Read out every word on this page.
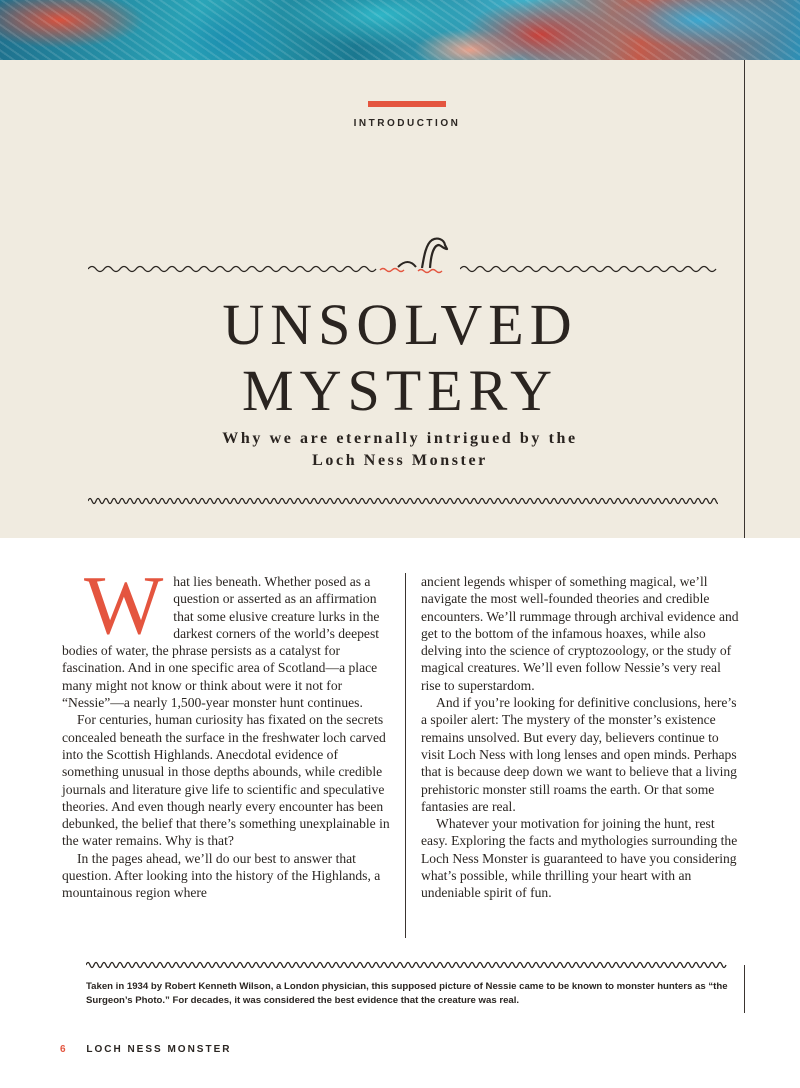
INTRODUCTION
UNSOLVED
MYSTERY
Why we are eternally intrigued by the
Loch Ness Monster
W hat lies beneath. Whether posed as a question or asserted as an affirmation that some elusive creature lurks in the darkest corners of the world’s deepest bodies of water, the phrase persists as a catalyst for fascination. And in one specific area of Scotland—a place many might not know or think about were it not for “Nessie”—a nearly 1,500-year monster hunt continues.

For centuries, human curiosity has fixated on the secrets concealed beneath the surface in the freshwater loch carved into the Scottish Highlands. Anecdotal evidence of something unusual in those depths abounds, while credible journals and literature give life to scientific and speculative theories. And even though nearly every encounter has been debunked, the belief that there’s something unexplainable in the water remains. Why is that?

In the pages ahead, we’ll do our best to answer that question. After looking into the history of the Highlands, a mountainous region where

ancient legends whisper of something magical, we’ll navigate the most well-founded theories and credible encounters. We’ll rummage through archival evidence and get to the bottom of the infamous hoaxes, while also delving into the science of cryptozoology, or the study of magical creatures. We’ll even follow Nessie’s very real rise to superstardom.

And if you’re looking for definitive conclusions, here’s a spoiler alert: The mystery of the monster’s existence remains unsolved. But every day, believers continue to visit Loch Ness with long lenses and open minds. Perhaps that is because deep down we want to believe that a living prehistoric monster still roams the earth. Or that some fantasies are real.

Whatever your motivation for joining the hunt, rest easy. Exploring the facts and mythologies surrounding the Loch Ness Monster is guaranteed to have you considering what’s possible, while thrilling your heart with an undeniable spirit of fun.

Taken in 1934 by Robert Kenneth Wilson, a London physician, this supposed picture of Nessie came to be known to monster hunters as “the Surgeon’s Photo.” For decades, it was considered the best evidence that the creature was real.

6 LOCH NESS MONSTER
